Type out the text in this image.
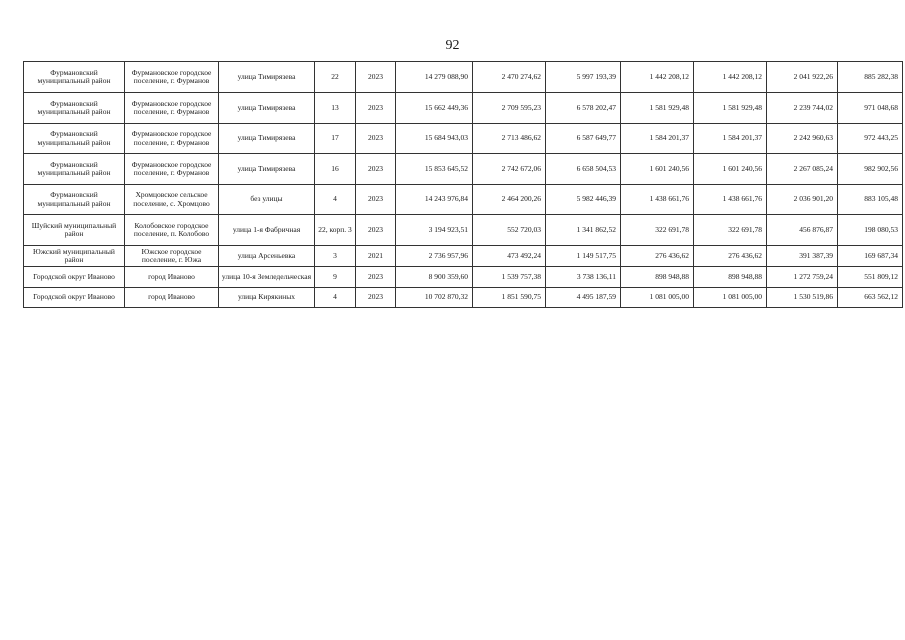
92
Фурмановский муниципальный район	Фурмановское городское поселение, г. Фурманов	улица Тимирязева	22	2023	14 279 088,90	2 470 274,62	5 997 193,39	1 442 208,12	1 442 208,12	2 041 922,26	885 282,38
Фурмановский муниципальный район	Фурмановское городское поселение, г. Фурманов	улица Тимирязева	13	2023	15 662 449,36	2 709 595,23	6 578 202,47	1 581 929,48	1 581 929,48	2 239 744,02	971 048,68
Фурмановский муниципальный район	Фурмановское городское поселение, г. Фурманов	улица Тимирязева	17	2023	15 684 943,03	2 713 486,62	6 587 649,77	1 584 201,37	1 584 201,37	2 242 960,63	972 443,25
Фурмановский муниципальный район	Фурмановское городское поселение, г. Фурманов	улица Тимирязева	16	2023	15 853 645,52	2 742 672,06	6 658 504,53	1 601 240,56	1 601 240,56	2 267 085,24	982 902,56
Фурмановский муниципальный район	Хромцовское сельское поселение, с. Хромцово	без улицы	4	2023	14 243 976,84	2 464 200,26	5 982 446,39	1 438 661,76	1 438 661,76	2 036 901,20	883 105,48
Шуйский муниципальный район	Колобовское городское поселение, п. Колобово	улица 1-я Фабричная	22, корп. 3	2023	3 194 923,51	552 720,03	1 341 862,52	322 691,78	322 691,78	456 876,87	198 080,53
Южский муниципальный район	Южское городское поселение, г. Южа	улица Арсеньевка	3	2021	2 736 957,96	473 492,24	1 149 517,75	276 436,62	276 436,62	391 387,39	169 687,34
Городской округ Иваново	город Иваново	улица 10-я Земледельческая	9	2023	8 900 359,60	1 539 757,38	3 738 136,11	898 948,88	898 948,88	1 272 759,24	551 809,12
Городской округ Иваново	город Иваново	улица Кирякиных	4	2023	10 702 870,32	1 851 590,75	4 495 187,59	1 081 005,00	1 081 005,00	1 530 519,86	663 562,12
